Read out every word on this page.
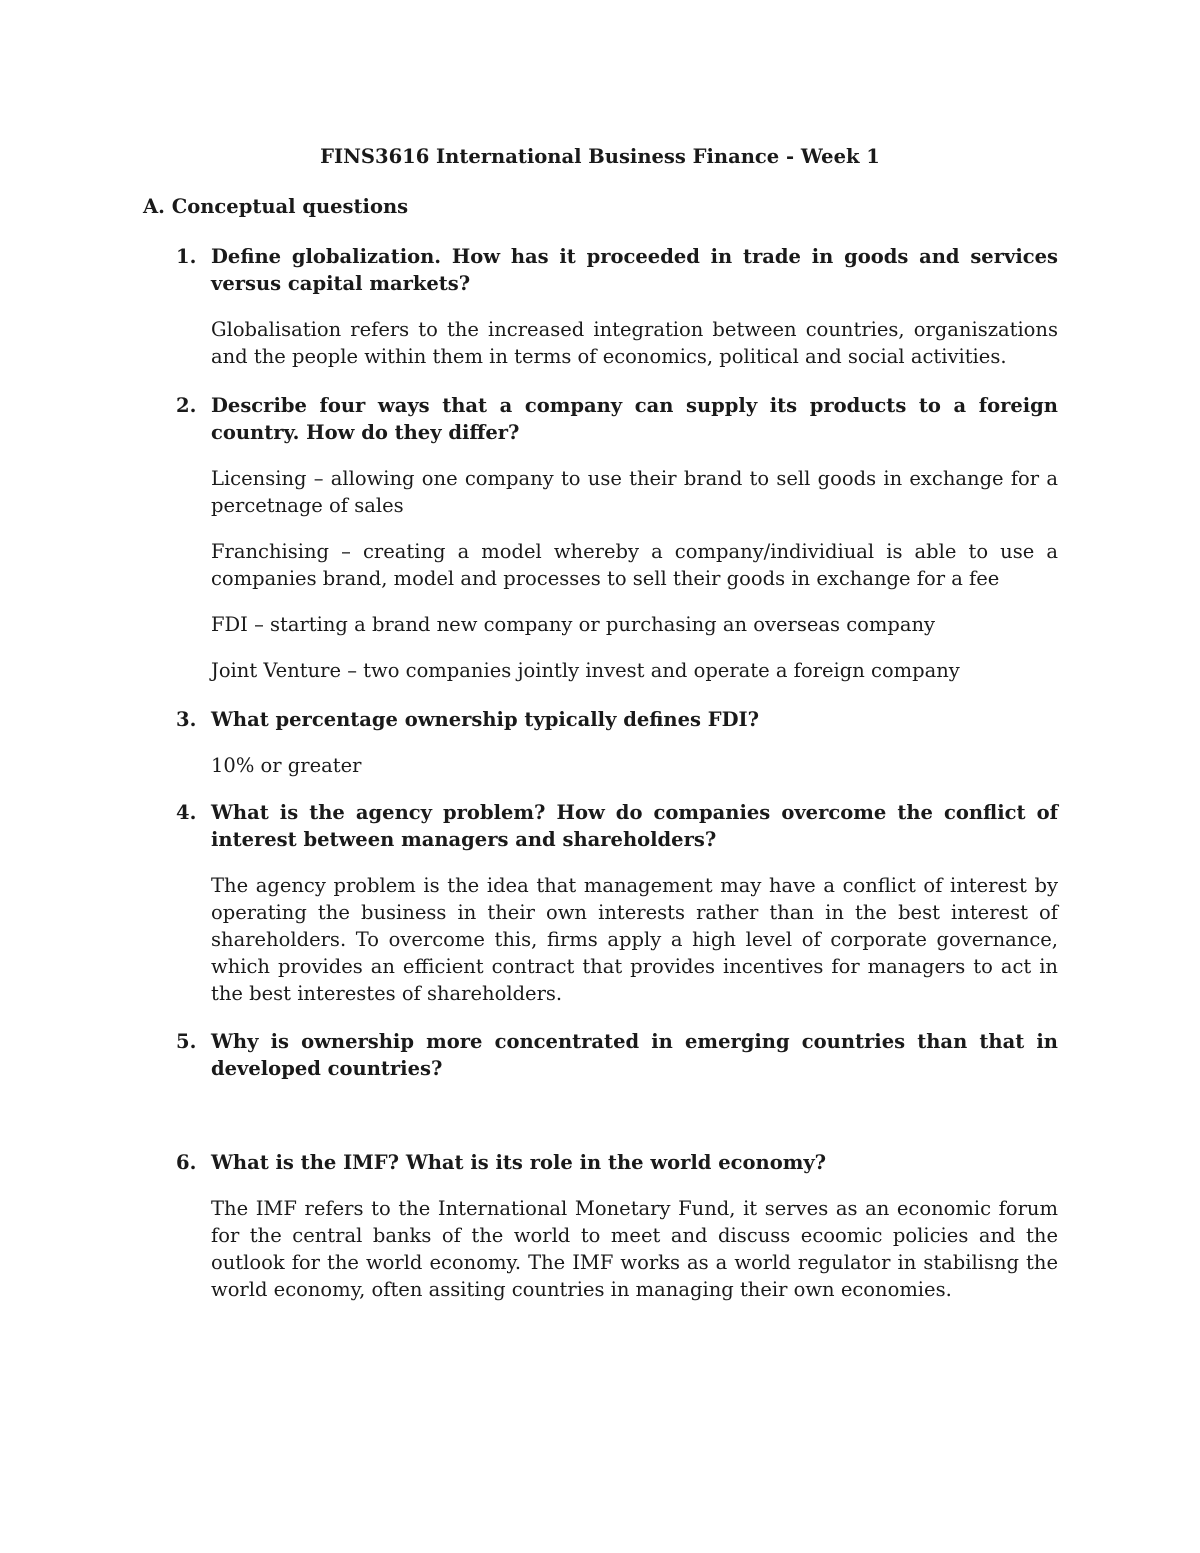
FINS3616 International Business Finance - Week 1
A. Conceptual questions
1. Define globalization. How has it proceeded in trade in goods and services versus capital markets?
Globalisation refers to the increased integration between countries, organiszations and the people within them in terms of economics, political and social activities.
2. Describe four ways that a company can supply its products to a foreign country. How do they differ?
Licensing – allowing one company to use their brand to sell goods in exchange for a percetnage of sales
Franchising – creating a model whereby a company/individiual is able to use a companies brand, model and processes to sell their goods in exchange for a fee
FDI – starting a brand new company or purchasing an overseas company
Joint Venture – two companies jointly invest and operate a foreign company
3. What percentage ownership typically defines FDI?
10% or greater
4. What is the agency problem? How do companies overcome the conflict of interest between managers and shareholders?
The agency problem is the idea that management may have a conflict of interest by operating the business in their own interests rather than in the best interest of shareholders. To overcome this, firms apply a high level of corporate governance, which provides an efficient contract that provides incentives for managers to act in the best interestes of shareholders.
5. Why is ownership more concentrated in emerging countries than that in developed countries?
6. What is the IMF? What is its role in the world economy?
The IMF refers to the International Monetary Fund, it serves as an economic forum for the central banks of the world to meet and discuss ecoomic policies and the outlook for the world economy. The IMF works as a world regulator in stabilisng the world economy, often assiting countries in managing their own economies.
